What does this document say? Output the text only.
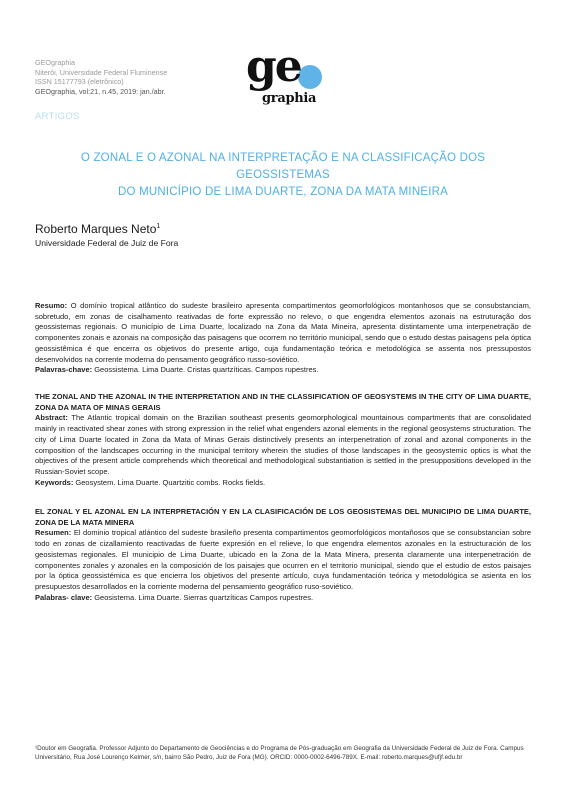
GEOgraphia
Niterói, Universidade Federal Fluminense
ISSN 15177793 (eletrônico)
GEOgraphia, vol:21, n.45, 2019: jan./abr. ge
graphia
ARTIGOS
O ZONAL E O AZONAL NA INTERPRETAÇÃO E NA CLASSIFICAÇÃO DOS GEOSSISTEMAS
DO MUNICÍPIO DE LIMA DUARTE, ZONA DA MATA MINEIRA
Roberto Marques Neto$^1$
Universidade Federal de Juiz de Fora
Resumo: O domínio tropical atlântico do sudeste brasileiro apresenta compartimentos geomorfológicos montanhosos que se consubstanciam, sobretudo, em zonas de cisalhamento reativadas de forte expressão no relevo, o que engendra elementos azonais na estruturação dos geossistemas regionais. O município de Lima Duarte, localizado na Zona da Mata Mineira, apresenta distintamente uma interpenetração de componentes zonais e azonais na composição das paisagens que ocorrem no território municipal, sendo que o estudo destas paisagens pela óptica geossistêmica é que encerra os objetivos do presente artigo, cuja fundamentação teórica e metodológica se assenta nos pressupostos desenvolvidos na corrente moderna do pensamento geográfico russo-soviético.
Palavras-chave: Geossistema. Lima Duarte. Cristas quartzíticas. Campos rupestres.
THE ZONAL AND THE AZONAL IN THE INTERPRETATION AND IN THE CLASSIFICATION OF GEOSYSTEMS IN THE CITY OF LIMA DUARTE, ZONA DA MATA OF MINAS GERAIS
Abstract: The Atlantic tropical domain on the Brazilian southeast presents geomorphological mountainous compartments that are consolidated mainly in reactivated shear zones with strong expression in the relief what engenders azonal elements in the regional geosystems structuration. The city of Lima Duarte located in Zona da Mata of Minas Gerais distinctively presents an interpenetration of zonal and azonal components in the composition of the landscapes occurring in the municipal territory wherein the studies of those landscapes in the geosystemic optics is what the objectives of the present article comprehends which theoretical and methodological substantiation is settled in the presuppositions developed in the Russian-Soviet scope.
Keywords: Geosystem. Lima Duarte. Quartzitic combs. Rocks fields.
EL ZONAL Y EL AZONAL EN LA INTERPRETACIÓN Y EN LA CLASIFICACIÓN DE LOS GEOSISTEMAS DEL MUNICIPIO DE LIMA DUARTE, ZONA DE LA MATA MINERA
Resumen: El dominio tropical atlántico del sudeste brasileño presenta compartimentos geomorfológicos montañosos que se consubstancian sobre todo en zonas de cizallamiento reactivadas de fuerte expresión en el relieve, lo que engendra elementos azonales en la estructuración de los geosistemas regionales. El municipio de Lima Duarte, ubicado en la Zona de la Mata Minera, presenta claramente una interpenetración de componentes zonales y azonales en la composición de los paisajes que ocurren en el territorio municipal, siendo que el estudio de estos paisajes por la óptica geossistémica es que encierra los objetivos del presente artículo, cuya fundamentación teórica y metodológica se asienta en los presupuestos desarrollados en la corriente moderna del pensamiento geográfico ruso-soviético.
Palabras- clave: Geosistema. Lima Duarte. Sierras quartzíticas Campos rupestres.
¹Doutor em Geografia. Professor Adjunto do Departamento de Geociências e do Programa de Pós-graduação em Geografia da Universidade Federal de Juiz de Fora. Campus Universitário, Rua José Lourenço Kelmer, s/n, bairro São Pedro, Juiz de Fora (MG). ORCID: 0000-0002-6496-789X. E-mail: roberto.marques@ufjf.edu.br
